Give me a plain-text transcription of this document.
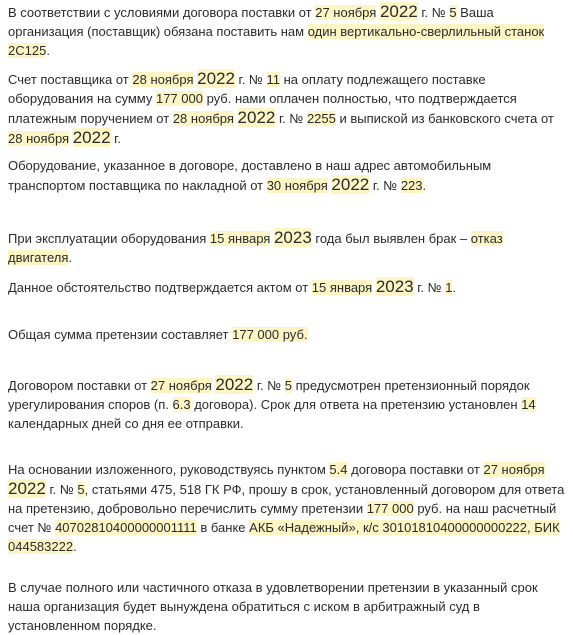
В соответствии с условиями договора поставки от 27 ноября 2022 г. № 5 Ваша организация (поставщик) обязана поставить нам один вертикально-сверлильный станок 2С125.

Счет поставщика от 28 ноября 2022 г. № 11 на оплату подлежащего поставке оборудования на сумму 177 000 руб. нами оплачен полностью, что подтверждается платежным поручением от 28 ноября 2022 г. № 2255 и выпиской из банковского счета от 28 ноября 2022 г.

Оборудование, указанное в договоре, доставлено в наш адрес автомобильным транспортом поставщика по накладной от 30 ноября 2022 г. № 223.

При эксплуатации оборудования 15 января 2023 года был выявлен брак – отказ двигателя.

Данное обстоятельство подтверждается актом от 15 января 2023 г. № 1.

Общая сумма претензии составляет 177 000 руб.

Договором поставки от 27 ноября 2022 г. № 5 предусмотрен претензионный порядок урегулирования споров (п. 6.3 договора). Срок для ответа на претензию установлен 14 календарных дней со дня ее отправки.

На основании изложенного, руководствуясь пунктом 5.4 договора поставки от 27 ноября 2022 г. № 5, статьями 475, 518 ГК РФ, прошу в срок, установленный договором для ответа на претензию, добровольно перечислить сумму претензии 177 000 руб. на наш расчетный счет № 40702810400000001111 в банке АКБ «Надежный», к/с 30101810400000000222, БИК 044583222.

В случае полного или частичного отказа в удовлетворении претензии в указанный срок наша организация будет вынуждена обратиться с иском в арбитражный суд в установленном порядке.
